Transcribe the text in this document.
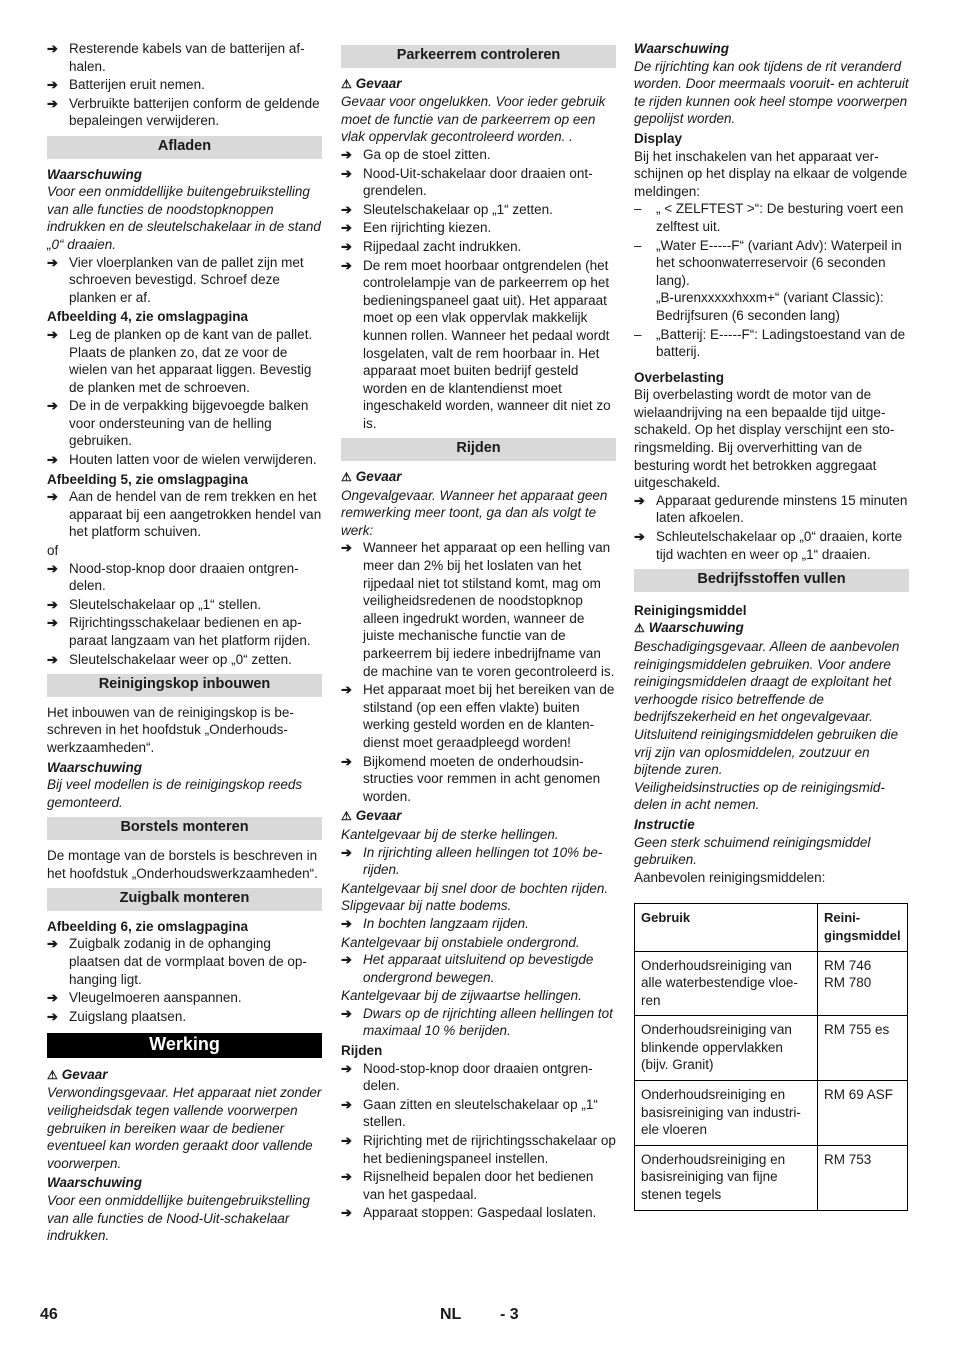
➔ Resterende kabels van de batterijen afhalen.
➔ Batterijen eruit nemen.
➔ Verbruikte batterijen conform de geldende bepaleingen verwijderen.
Afladen

Waarschuwing

Voor een onmiddellijke buitengebruikstelling van alle functies de noodstopknoppen indrukken en de sleutelschakelaar in de stand „0“ draaien.

➔ Vier vloerplanken van de pallet zijn met schroeven bevestigd. Schroef deze planken er af.

Afbeelding 4, zie omslagpagina

➔ Leg de planken op de kant van de pallet. Plaats de planken zo, dat ze voor de wielen van het apparaat liggen. Bevestig de planken met de schroeven.
➔ De in de verpakking bijgevoegde balken voor ondersteuning van de helling gebruiken.
➔ Houten latten voor de wielen verwijderen.

Afbeelding 5, zie omslagpagina

➔ Aan de hendel van de rem trekken en het apparaat bij een aangetrokken hendel van het platform schuiven.

of

➔ Nood-stop-knop door draaien ontgrendelen.
➔ Sleutelschakelaar op „1“ stellen.
➔ Rijrichtingsschakelaar bedienen en apparaat langzaam van het platform rijden.
➔ Sleutelschakelaar weer op „0“ zetten.
Reinigingskop inbouwen

Het inbouwen van de reinigingskop is beschreven in het hoofdstuk „Onderhoudswerkzaamheden“.

Waarschuwing

Bij veel modellen is de reinigingskop reeds gemonteerd.

Borstels monteren

De montage van de borstels is beschreven in het hoofdstuk „Onderhoudswerkzaamheden“.

Zuigbalk monteren

Afbeelding 6, zie omslagpagina

➔ Zuigbalk zodanig in de ophanging plaatsen dat de vormplaat boven de ophanging ligt.
➔ Vleugelmoeren aanspannen.
➔ Zuigslang plaatsen.
Werking

⚠ Gevaar

Verwondingsgevaar. Het apparaat niet zonder veiligheidsdak tegen vallende voorwerpen gebruiken in bereiken waar de bediener eventueel kan worden geraakt door vallende voorwerpen.

Waarschuwing

Voor een onmiddellijke buitengebruikstelling van alle functies de Nood-Uit-schakelaar indrukken.

Parkeerrem controleren

⚠ Gevaar

Gevaar voor ongelukken. Voor ieder gebruik moet de functie van de parkeerrem op een vlak oppervlak gecontroleerd worden. .

➔ Ga op de stoel zitten.
➔ Nood-Uit-schakelaar door draaien ontgrendelen.
➔ Sleutelschakelaar op „1“ zetten.
➔ Een rijrichting kiezen.
➔ Rijpedaal zacht indrukken.
➔ De rem moet hoorbaar ontgrendelen (het controlelampje van de parkeerrem op het bedieningspaneel gaat uit). Het apparaat moet op een vlak oppervlak makkelijk kunnen rollen. Wanneer het pedaal wordt losgelaten, valt de rem hoorbaar in. Het apparaat moet buiten bedrijf gesteld worden en de klantendienst moet ingeschakeld worden, wanneer dit niet zo is.
Rijden

⚠ Gevaar

Ongevalgevaar. Wanneer het apparaat geen remwerking meer toont, ga dan als volgt te werk:

➔ Wanneer het apparaat op een helling van meer dan 2% bij het loslaten van het rijpedaal niet tot stilstand komt, mag om veiligheidsredenen de noodstopknop alleen ingedrukt worden, wanneer de juiste mechanische functie van de parkeerrem bij iedere inbedrijfname van de machine van te voren gecontroleerd is.
➔ Het apparaat moet bij het bereiken van de stilstand (op een effen vlakte) buiten werking gesteld worden en de klantendienst moet geraadpleegd worden!
➔ Bijkomend moeten de onderhoudsinstructies voor remmen in acht genomen worden.

⚠ Gevaar

Kantelgevaar bij de sterke hellingen.

➔ In rijrichting alleen hellingen tot 10% berijden.

Kantelgevaar bij snel door de bochten rijden.

Slipgevaar bij natte bodems.

➔ In bochten langzaam rijden.

Kantelgevaar bij onstabiele ondergrond.

➔ Het apparaat uitsluitend op bevestigde ondergrond bewegen.

Kantelgevaar bij de zijwaartse hellingen.

➔ Dwars op de rijrichting alleen hellingen tot maximaal 10 % berijden.

Rijden

➔ Nood-stop-knop door draaien ontgrendelen.
➔ Gaan zitten en sleutelschakelaar op „1“ stellen.
➔ Rijrichting met de rijrichtingsschakelaar op het bedieningspaneel instellen.
➔ Rijsnelheid bepalen door het bedienen van het gaspedaal.
➔ Apparaat stoppen: Gaspedaal loslaten.

Waarschuwing

De rijrichting kan ook tijdens de rit veranderd worden. Door meermaals vooruit- en achteruit te rijden kunnen ook heel stompe voorwerpen gepolijst worden.

Display

Bij het inschakelen van het apparaat verschijnen op het display na elkaar de volgende meldingen:

– „ < ZELFTEST >“: De besturing voert een zelftest uit.
– „Water E-----F“ (variant Adv): Waterpeil in het schoonwaterreservoir (6 seconden lang).
„B-urenxxxxxhxxm+“ (variant Classic): Bedrijfsuren (6 seconden lang)
– „Batterij: E-----F“: Ladingstoestand van de batterij.

Overbelasting

Bij overbelasting wordt de motor van de wielaandrijving na een bepaalde tijd uitgeschakeld. Op het display verschijnt een storingsmelding. Bij oververhitting van de besturing wordt het betrokken aggregaat uitgeschakeld.

➔ Apparaat gedurende minstens 15 minuten laten afkoelen.
➔ Schleutelschakelaar op „0“ draaien, korte tijd wachten en weer op „1“ draaien.
Bedrijfsstoffen vullen

Reinigingsmiddel

⚠ Waarschuwing

Beschadigingsgevaar. Alleen de aanbevolen reinigingsmiddelen gebruiken. Voor andere reinigingsmiddelen draagt de exploitant het verhoogde risico betreffende de bedrijfszekerheid en het ongevalgevaar. Uitsluitend reinigingsmiddelen gebruiken die vrij zijn van oplosmiddelen, zoutzuur en bijtende zuren.

Veiligheidsinstructies op de reinigingsmiddelen in acht nemen.

Instructie

Geen sterk schuimend reinigingsmiddel gebruiken.

Aanbevolen reinigingsmiddelen:

Gebruik	Reinigingsmiddel
Onderhoudsreiniging van alle waterbestendige vloeren	RM 746
RM 780
Onderhoudsreiniging van blinkende oppervlakken (bijv. Granit)	RM 755 es
Onderhoudsreiniging en basisreiniging van industriele vloeren	RM 69 ASF
Onderhoudsreiniging en basisreiniging van fijne stenen tegels	RM 753
46	NL - 3
